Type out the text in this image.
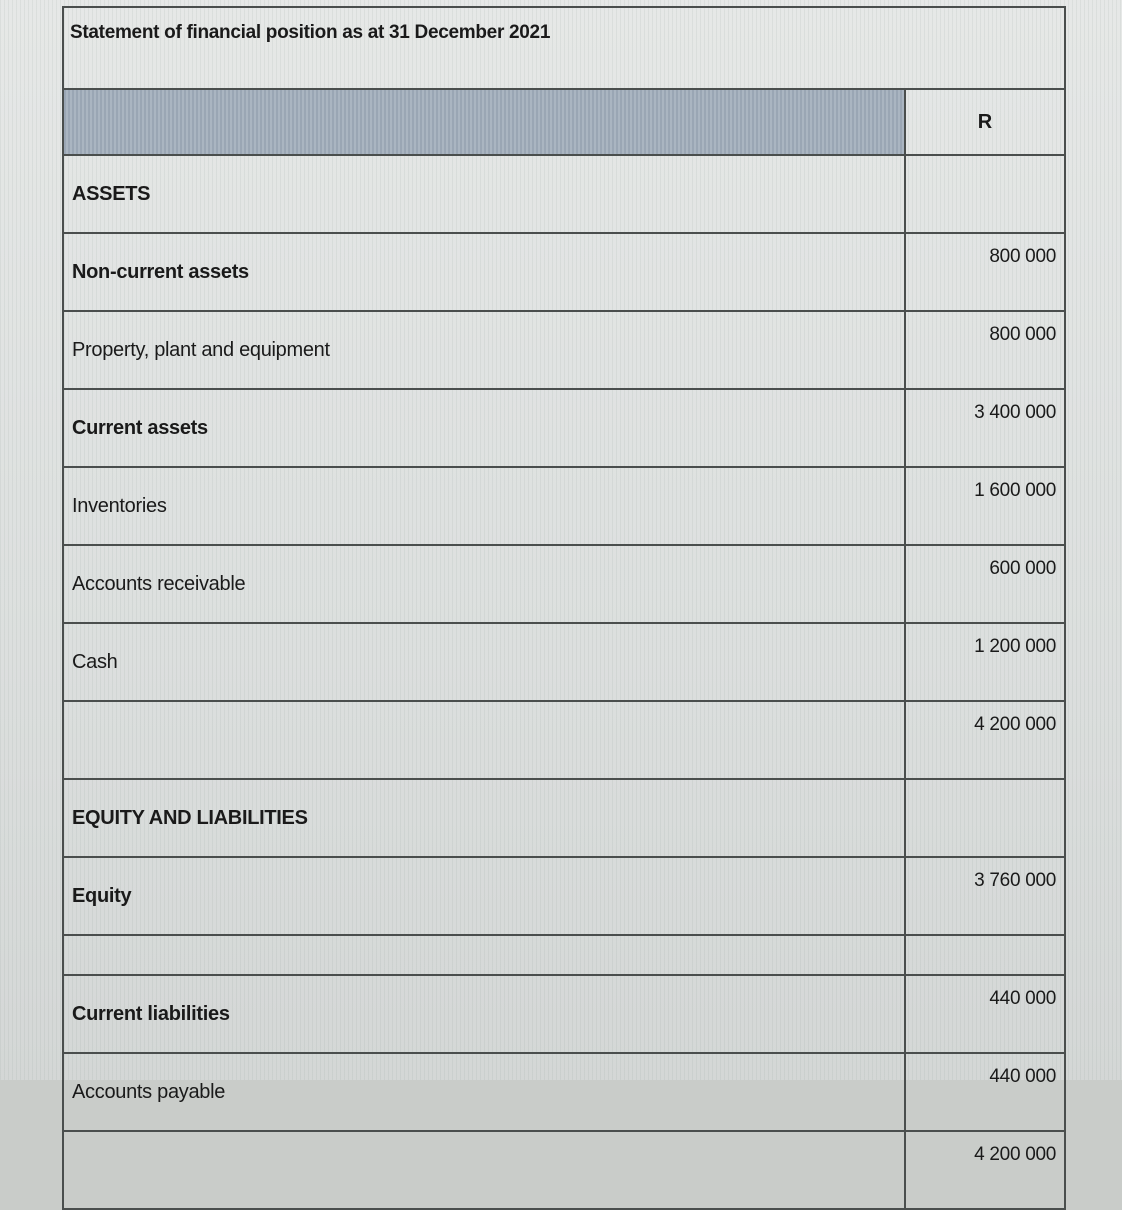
Statement of financial position as at 31 December 2021	
	R
ASSETS	
Non-current assets	800 000
Property, plant and equipment	800 000
Current assets	3 400 000
Inventories	1 600 000
Accounts receivable	600 000
Cash	1 200 000
	4 200 000
EQUITY AND LIABILITIES	
Equity	3 760 000

Current liabilities	440 000
Accounts payable	440 000
	4 200 000
